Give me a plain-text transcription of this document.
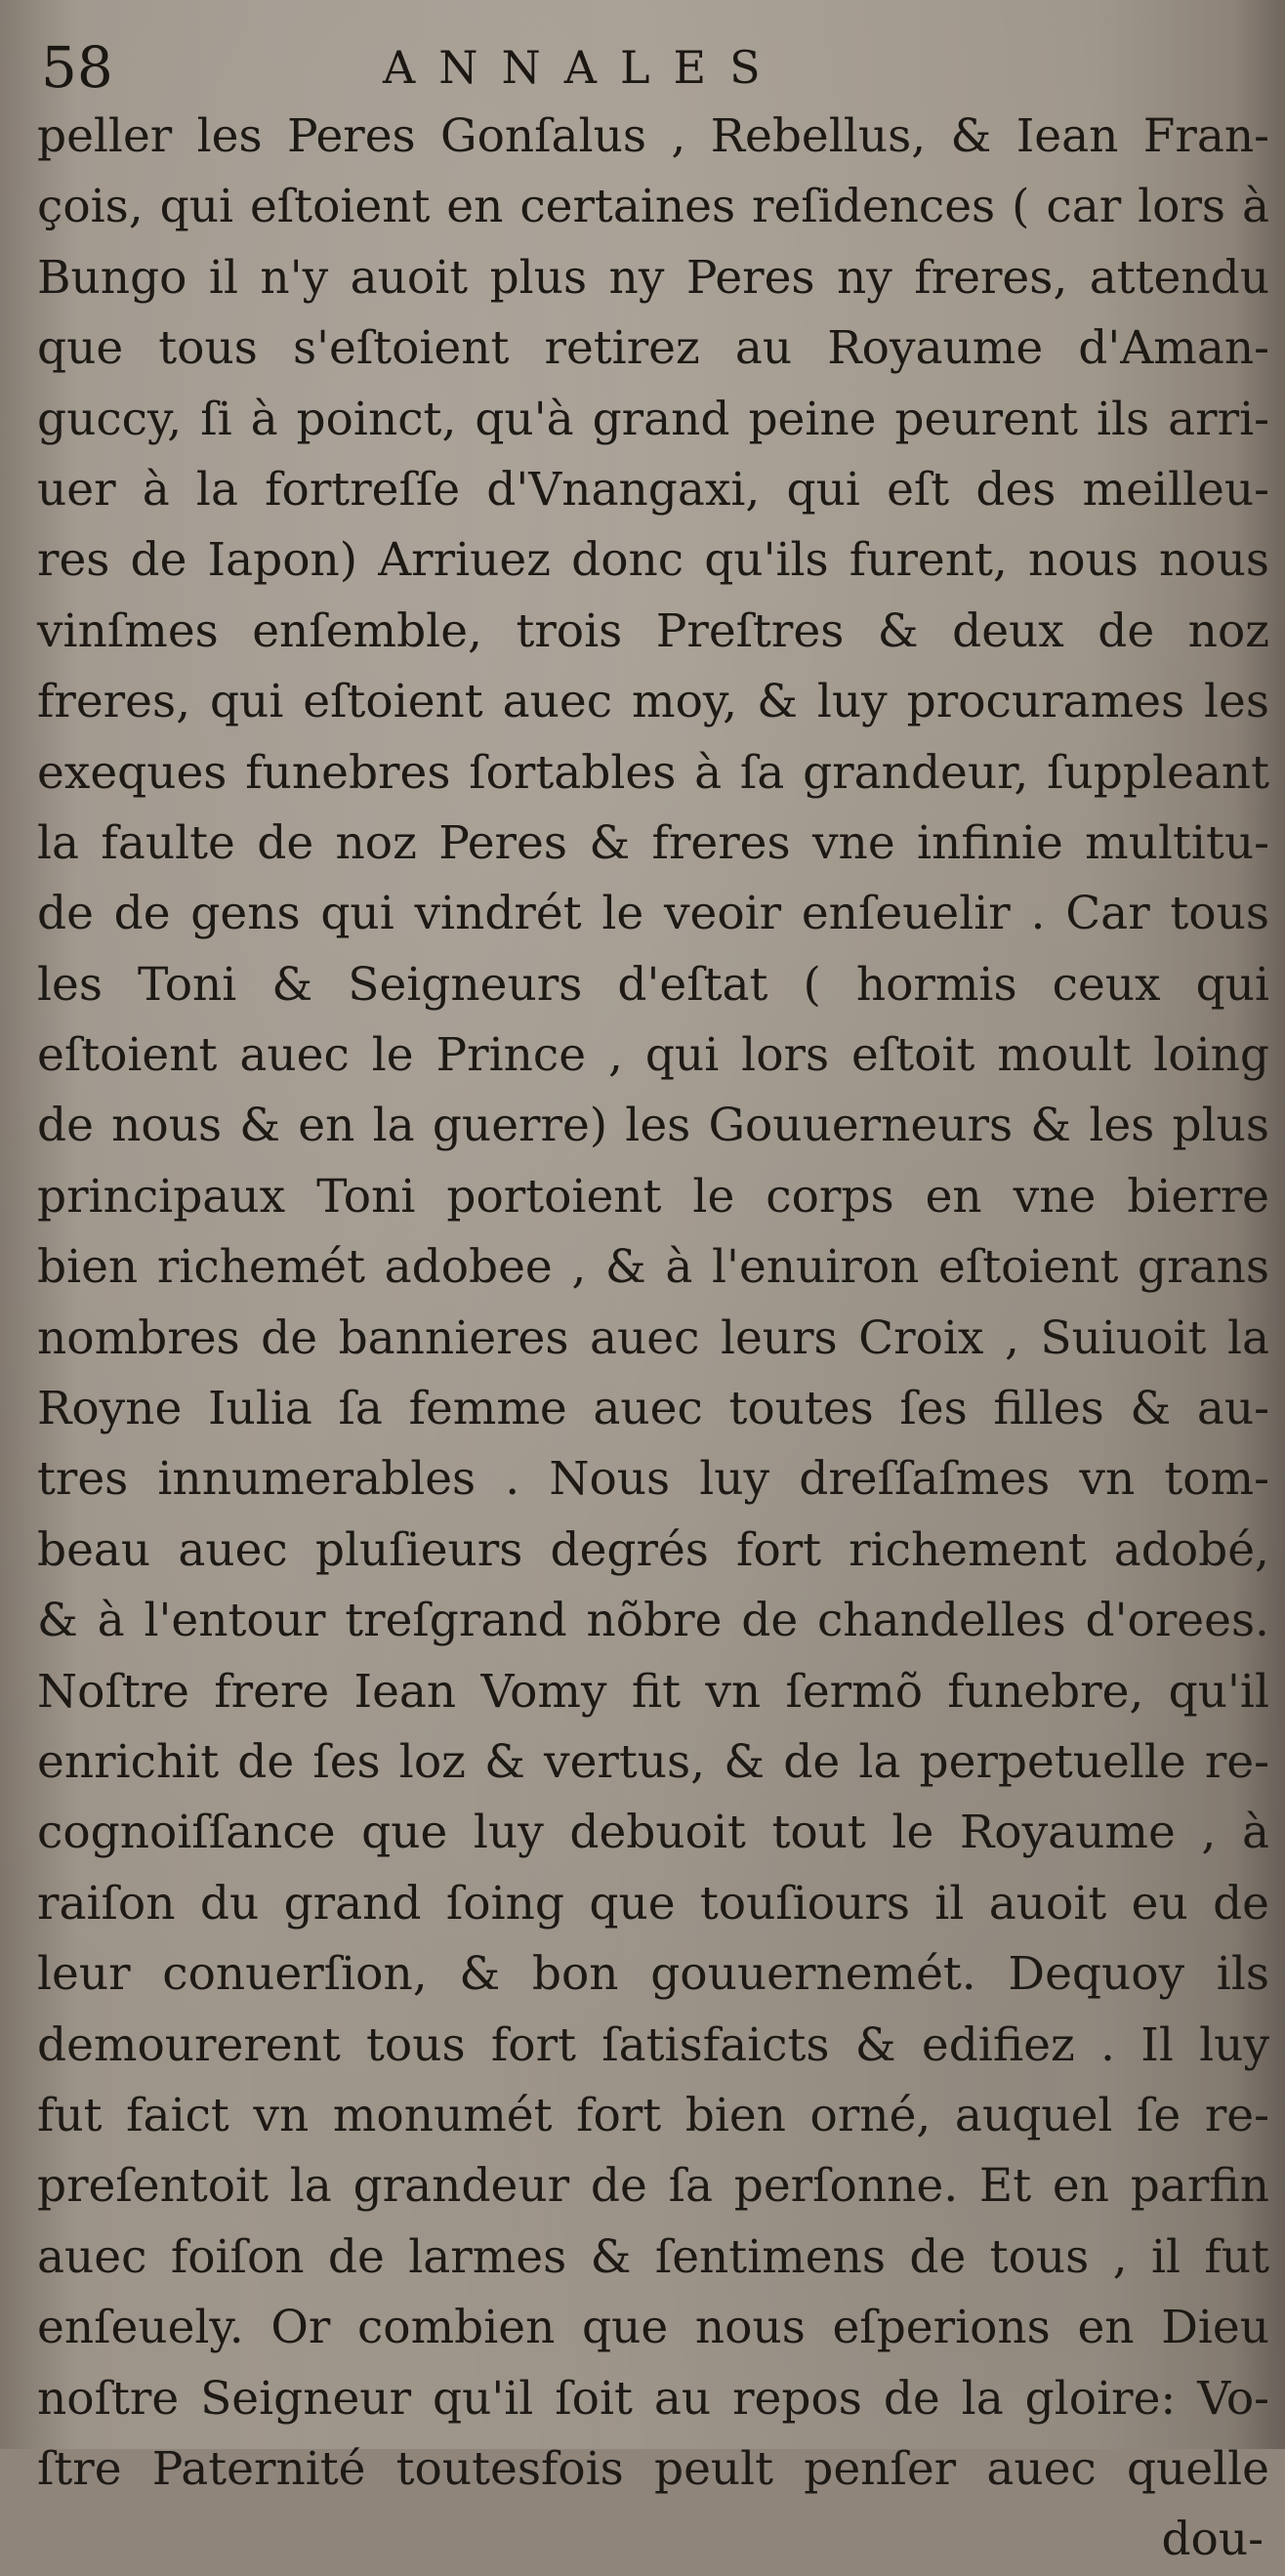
58	ANNALES
peller les Peres Gonſalus , Rebellus, & Iean Fran-
çois, qui eſtoient en certaines reſidences ( car lors à
Bungo il n'y auoit plus ny Peres ny freres, attendu
que tous s'eſtoient retirez au Royaume d'Aman-
guccy, ſi à poinct, qu'à grand peine peurent ils arri-
uer à la fortreſſe d'Vnangaxi, qui eſt des meilleu-
res de Iapon) Arriuez donc qu'ils furent, nous nous
vinſmes enſemble, trois Preſtres & deux de noz
freres, qui eſtoient auec moy, & luy procurames les
exeques funebres ſortables à ſa grandeur, ſuppleant
la faulte de noz Peres & freres vne infinie multitu-
de de gens qui vindrét le veoir enſeuelir . Car tous
les Toni & Seigneurs d'eſtat ( hormis ceux qui
eſtoient auec le Prince , qui lors eſtoit moult loing
de nous & en la guerre) les Gouuerneurs & les plus
principaux Toni portoient le corps en vne bierre
bien richemét adobee , & à l'enuiron eſtoient grans
nombres de bannieres auec leurs Croix , Suiuoit la
Royne Iulia ſa femme auec toutes ſes filles & au-
tres innumerables . Nous luy dreſſaſmes vn tom-
beau auec pluſieurs degrés fort richement adobé,
& à l'entour treſgrand nõbre de chandelles d'orees.
Noſtre frere Iean Vomy fit vn ſermõ funebre, qu'il
enrichit de ſes loz & vertus, & de la perpetuelle re-
cognoiſſance que luy debuoit tout le Royaume , à
raiſon du grand ſoing que touſiours il auoit eu de
leur conuerſion, & bon gouuernemét. Dequoy ils
demourerent tous fort ſatisfaicts & edifiez . Il luy
fut faict vn monumét fort bien orné, auquel ſe re-
preſentoit la grandeur de ſa perſonne. Et en parfin
auec foiſon de larmes & ſentimens de tous , il fut
enſeuely. Or combien que nous eſperions en Dieu
noſtre Seigneur qu'il ſoit au repos de la gloire: Vo-
ſtre Paternité toutesfois peult penſer auec quelle
dou-
